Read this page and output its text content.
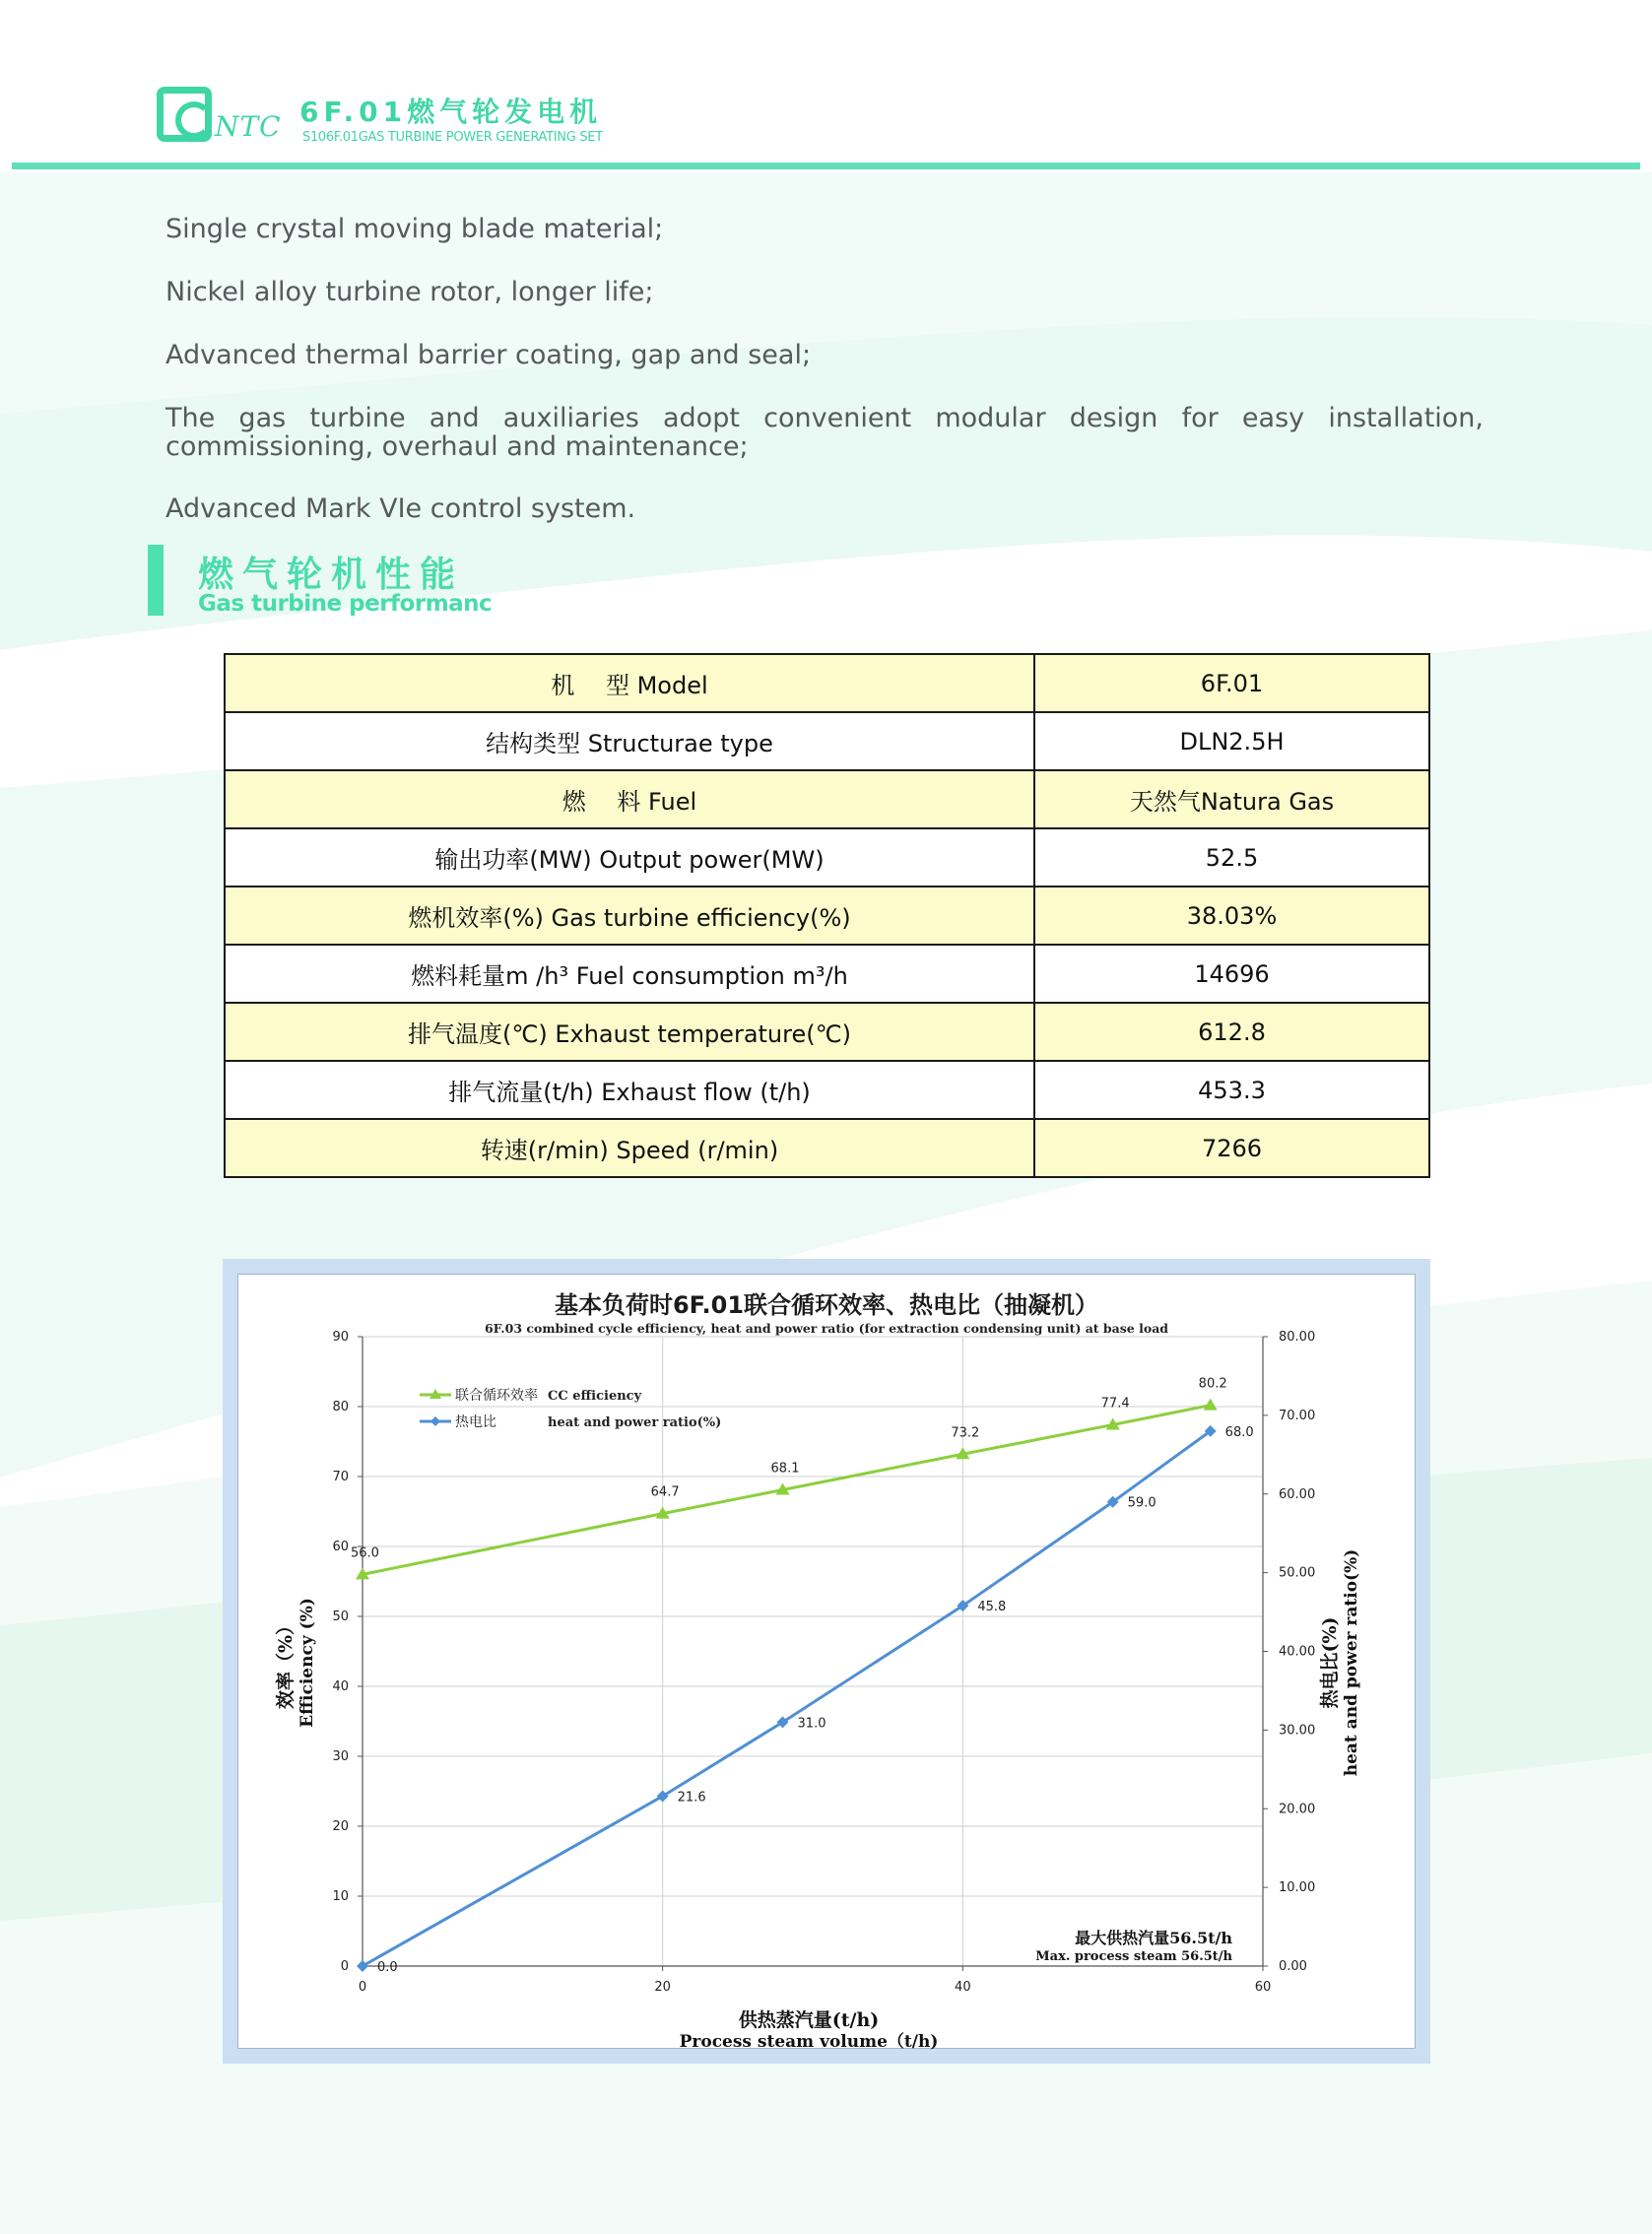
NTC 6F.01燃气轮发电机
S106F.01GAS TURBINE POWER GENERATING SET

Single crystal moving blade material;

Nickel alloy turbine rotor, longer life;

Advanced thermal barrier coating, gap and seal;

The gas turbine and auxiliaries adopt convenient modular design for easy installation, commissioning, overhaul and maintenance;

Advanced Mark VIe control system.

燃气轮机性能
Gas turbine performanc
机　 型 Model	6F.01
结构类型 Structurae type	DLN2.5H
燃　 料 Fuel	天然气Natura Gas
输出功率(MW) Output power(MW)	52.5
燃机效率(%) Gas turbine efficiency(%)	38.03%
燃料耗量m /h³ Fuel consumption m³/h	14696
排气温度(℃) Exhaust temperature(℃)	612.8
排气流量(t/h) Exhaust flow (t/h)	453.3
转速(r/min) Speed (r/min)	7266
基本负荷时6F.01联合循环效率、热电比（抽凝机）
6F.03 combined cycle efficiency, heat and power ratio (for extraction condensing unit) at base load
0
10
20
30
40
50
60
70
80
90
0	20	40	60
0.00
10.00
20.00
30.00
40.00
50.00
60.00
70.00
80.00
56.0
64.7
68.1
73.2
77.4
80.2
0.0
21.6
31.0
45.8
59.0
68.0
联合循环效率 CC efficiency
热电比	heat and power ratio(%)
供热蒸汽量(t/h)
Process steam volume（t/h)
效率（%） Efficiency (%)	热电比(%) heat and power ratio(%)
最大供热汽量56.5t/h
Max. process steam 56.5t/h
